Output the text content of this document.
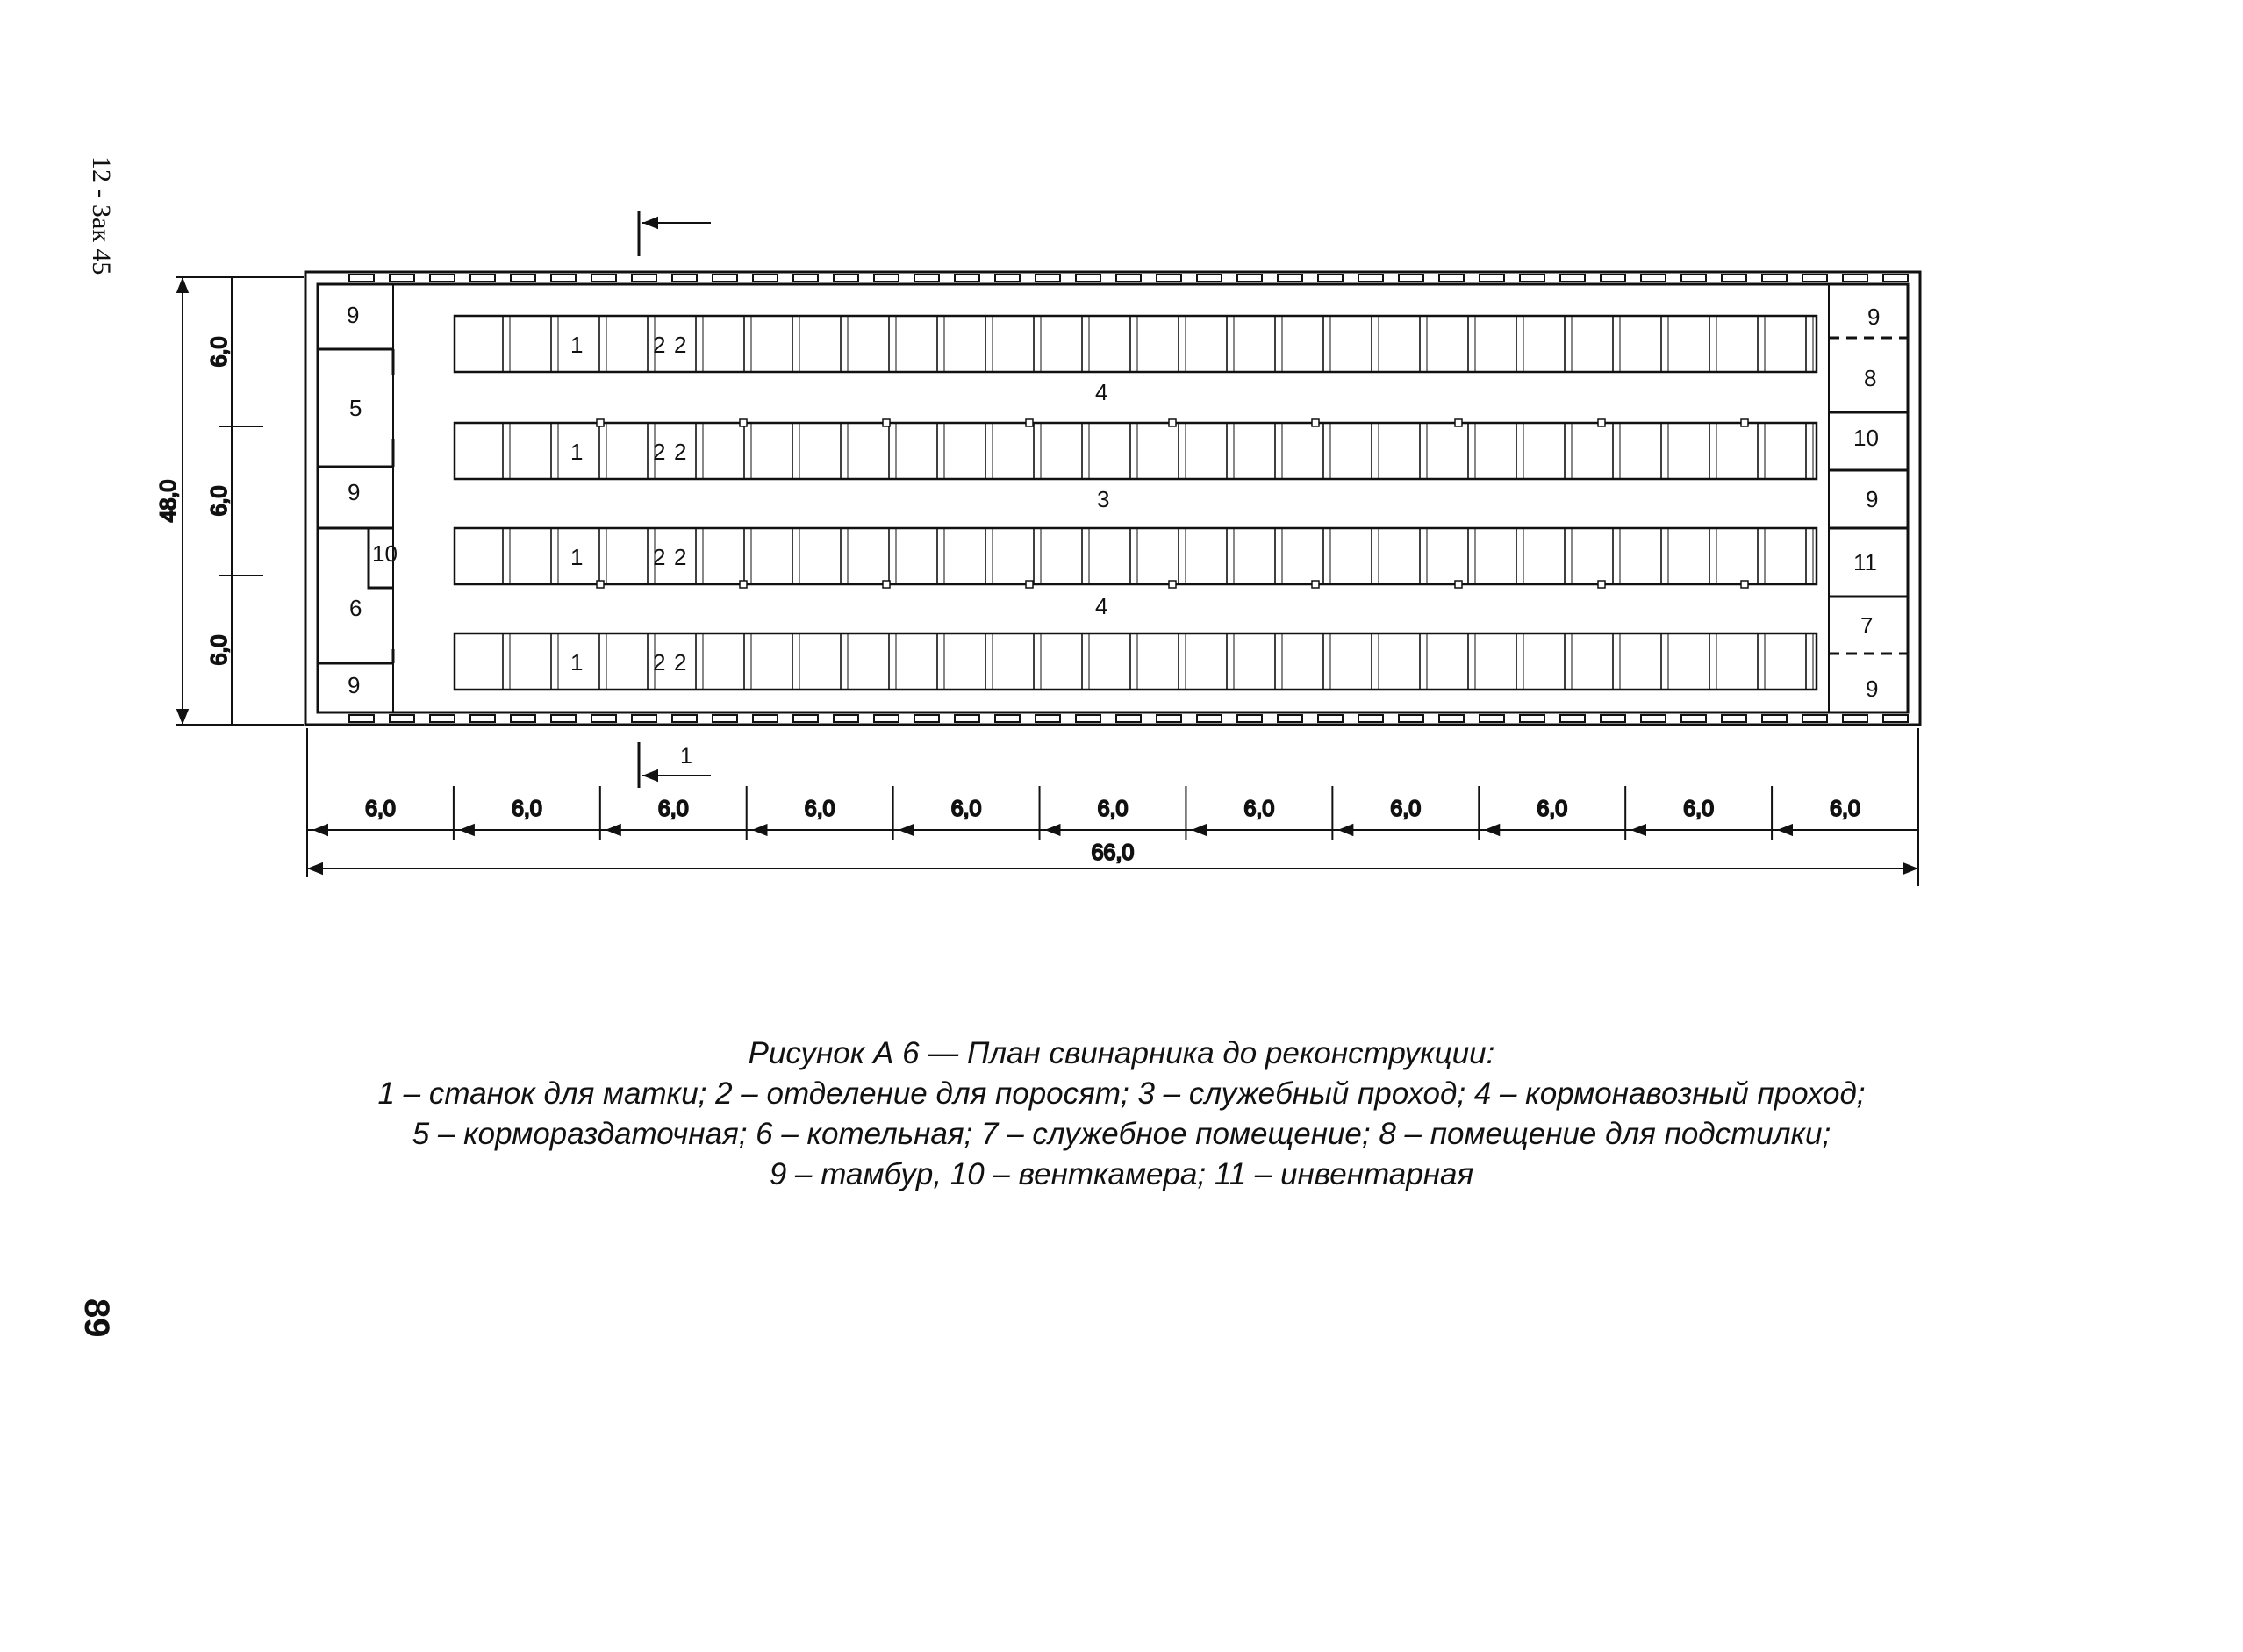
12 - Зак 45
89
1	2 2
1	2 2
1	2 2
1	2 2
9
5
9
10
6
9
9
8
10
9
11
7
9
4
3
4
1
6,0	6,0	6,0	6,0	6,0	6,0	6,0	6,0	6,0	6,0	6,0
66,0
6,0
6,0
6,0
48,0
Рисунок А 6 — План свинарника до реконструкции:
1 – станок для матки; 2 – отделение для поросят; 3 – служебный проход; 4 – кормонавозный проход;
5 – кормораздаточная; 6 – котельная; 7 – служебное помещение; 8 – помещение для подстилки;
9 – тамбур, 10 – венткамера; 11 – инвентарная
